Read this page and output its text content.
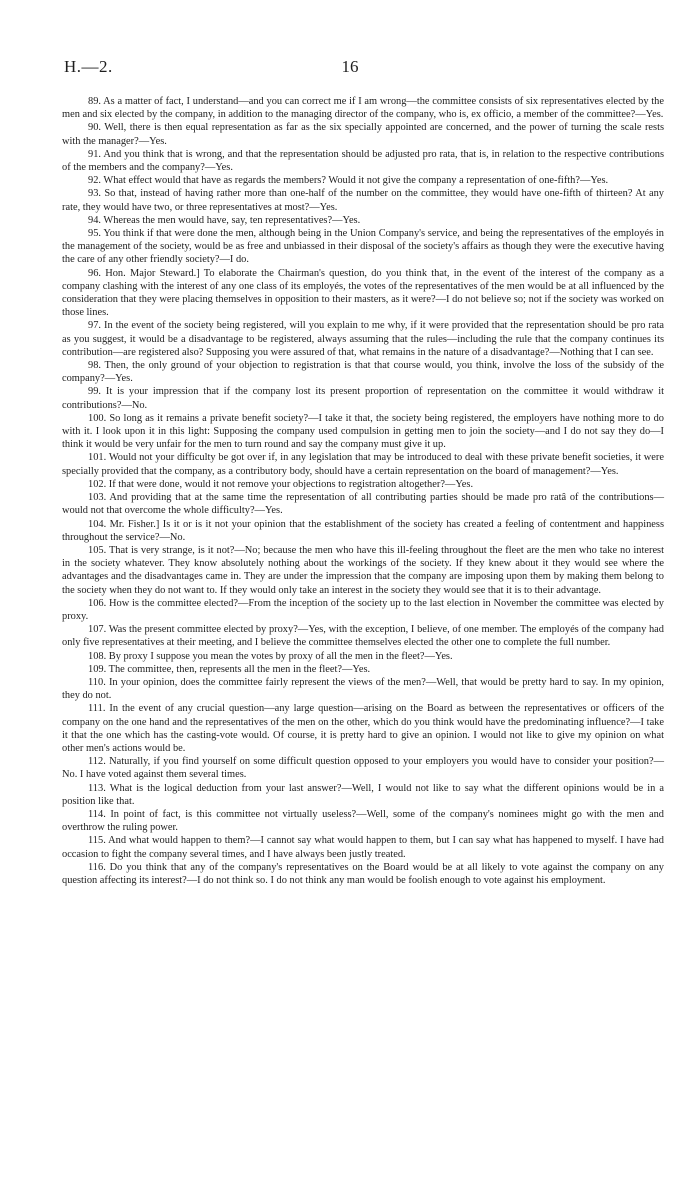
H.—2.	16

89. As a matter of fact, I understand—and you can correct me if I am wrong—the committee consists of six representatives elected by the men and six elected by the company, in addition to the managing director of the company, who is, ex officio, a member of the committee?—Yes.

90. Well, there is then equal representation as far as the six specially appointed are concerned, and the power of turning the scale rests with the manager?—Yes.

91. And you think that is wrong, and that the representation should be adjusted pro rata, that is, in relation to the respective contributions of the members and the company?—Yes.

92. What effect would that have as regards the members? Would it not give the company a representation of one-fifth?—Yes.

93. So that, instead of having rather more than one-half of the number on the committee, they would have one-fifth of thirteen? At any rate, they would have two, or three representatives at most?—Yes.

94. Whereas the men would have, say, ten representatives?—Yes.

95. You think if that were done the men, although being in the Union Company's service, and being the representatives of the employés in the management of the society, would be as free and unbiassed in their disposal of the society's affairs as though they were the executive having the care of any other friendly society?—I do.

96. Hon. Major Steward.] To elaborate the Chairman's question, do you think that, in the event of the interest of the company as a company clashing with the interest of any one class of its employés, the votes of the representatives of the men would be at all influenced by the consideration that they were placing themselves in opposition to their masters, as it were?—I do not believe so; not if the society was worked on those lines.

97. In the event of the society being registered, will you explain to me why, if it were provided that the representation should be pro rata as you suggest, it would be a disadvantage to be registered, always assuming that the rules—including the rule that the company continues its contribution—are registered also? Supposing you were assured of that, what remains in the nature of a disadvantage?—Nothing that I can see.

98. Then, the only ground of your objection to registration is that that course would, you think, involve the loss of the subsidy of the company?—Yes.

99. It is your impression that if the company lost its present proportion of representation on the committee it would withdraw it contributions?—No.

100. So long as it remains a private benefit society?—I take it that, the society being registered, the employers have nothing more to do with it. I look upon it in this light: Supposing the company used compulsion in getting men to join the society—and I do not say they do—I think it would be very unfair for the men to turn round and say the company must give it up.

101. Would not your difficulty be got over if, in any legislation that may be introduced to deal with these private benefit societies, it were specially provided that the company, as a contributory body, should have a certain representation on the board of management?—Yes.

102. If that were done, would it not remove your objections to registration altogether?—Yes.

103. And providing that at the same time the representation of all contributing parties should be made pro ratâ of the contributions—would not that overcome the whole difficulty?—Yes.

104. Mr. Fisher.] Is it or is it not your opinion that the establishment of the society has created a feeling of contentment and happiness throughout the service?—No.

105. That is very strange, is it not?—No; because the men who have this ill-feeling throughout the fleet are the men who take no interest in the society whatever. They know absolutely nothing about the workings of the society. If they knew about it they would see where the advantages and the disadvantages came in. They are under the impression that the company are imposing upon them by making them belong to the society when they do not want to. If they would only take an interest in the society they would see that it is to their advantage.

106. How is the committee elected?—From the inception of the society up to the last election in November the committee was elected by proxy.

107. Was the present committee elected by proxy?—Yes, with the exception, I believe, of one member. The employés of the company had only five representatives at their meeting, and I believe the committee themselves elected the other one to complete the full number.

108. By proxy I suppose you mean the votes by proxy of all the men in the fleet?—Yes.

109. The committee, then, represents all the men in the fleet?—Yes.

110. In your opinion, does the committee fairly represent the views of the men?—Well, that would be pretty hard to say. In my opinion, they do not.

111. In the event of any crucial question—any large question—arising on the Board as between the representatives or officers of the company on the one hand and the representatives of the men on the other, which do you think would have the predominating influence?—I take it that the one which has the casting-vote would. Of course, it is pretty hard to give an opinion. I would not like to give my opinion on what other men's actions would be.

112. Naturally, if you find yourself on some difficult question opposed to your employers you would have to consider your position?—No. I have voted against them several times.

113. What is the logical deduction from your last answer?—Well, I would not like to say what the different opinions would be in a position like that.

114. In point of fact, is this committee not virtually useless?—Well, some of the company's nominees might go with the men and overthrow the ruling power.

115. And what would happen to them?—I cannot say what would happen to them, but I can say what has happened to myself. I have had occasion to fight the company several times, and I have always been justly treated.

116. Do you think that any of the company's representatives on the Board would be at all likely to vote against the company on any question affecting its interest?—I do not think so. I do not think any man would be foolish enough to vote against his employment.
